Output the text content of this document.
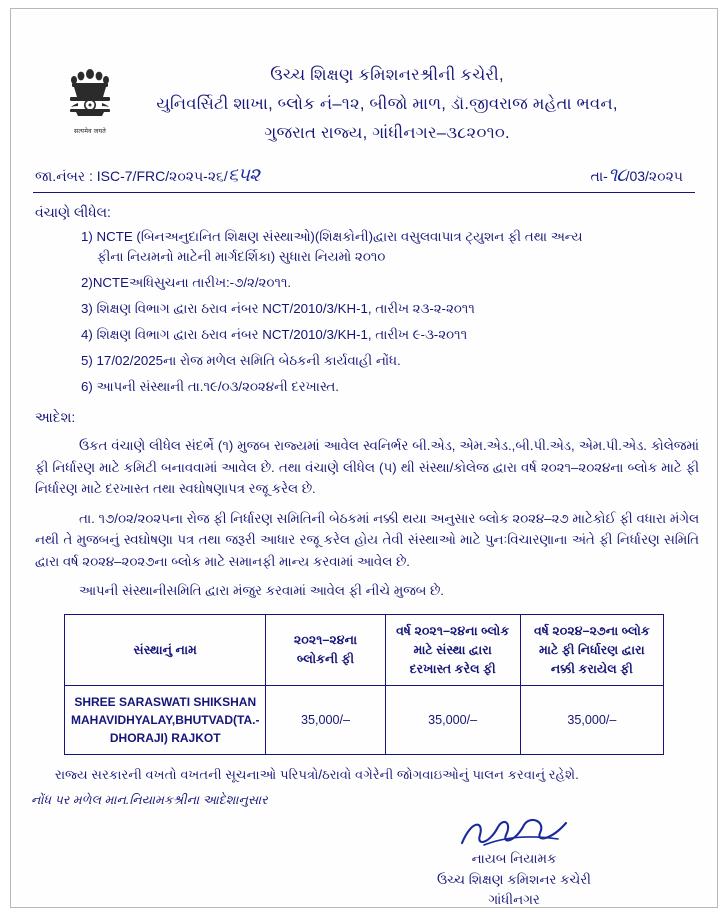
सत्यमेव जयते
ઉચ્ચ શિક્ષણ કમિશનરશ્રીની કચેરી,
યુનિવર્સિટી શાખા, બ્લોક નં–૧૨, બીજો માળ, ડૉ.જીવરાજ મહેતા ભવન,
ગુજરાત રાજ્ય, ગાંધીનગર–૩૮૨૦૧૦.
જા.નંબર : ISC-7/FRC/૨૦૨૫-૨૬/૬૫૨	તા-૧૮/03/૨૦૨૫
વંચાણે લીધેલ:
1) NCTE (બિનઅનુદાનિત શિક્ષણ સંસ્થાઓ)(શિક્ષકોની)દ્વારા વસુલવાપાત્ર ટ્યુશન ફી તથા અન્ય
ફીના નિયમનો માટેની માર્ગદર્શિકા) સુધારા નિયમો ૨૦૧૦
2)NCTEઅધિસુચના તારીખ:-૭/૨/૨૦૧૧.
3) શિક્ષણ વિભાગ દ્વારા ઠરાવ નંબર NCT/2010/3/KH-1, તારીખ ૨૩-૨-૨૦૧૧
4) શિક્ષણ વિભાગ દ્વારા ઠરાવ નંબર NCT/2010/3/KH-1, તારીખ ૯-૩-૨૦૧૧
5) 17/02/2025ના રોજ મળેલ સમિતિ બેઠકની કાર્યવાહી નોંધ.
6) આપની સંસ્થાની તા.૧૯/૦૩/૨૦૨૪ની દરખાસ્ત.
આદેશ:

ઉકત વંચાણે લીધેલ સંદર્ભે (૧) મુજબ રાજ્યમાં આવેલ સ્વનિર્ભર બી.એડ, એમ.એડ.,બી.પી.એડ, એમ.પી.એડ. કોલેજમાં ફી નિર્ધારણ માટે કમિટી બનાવવામાં આવેલ છે. તથા વંચાણે લીધેલ (૫) થી સંસ્થા/કોલેજ દ્વારા વર્ષ ૨૦૨૧–૨૦૨૪ના બ્લોક માટે ફી નિર્ધારણ માટે દરખાસ્ત તથા સ્વઘોષણાપત્ર રજૂ કરેલ છે.

તા. ૧૭/૦૨/૨૦૨૫ના રોજ ફી નિર્ધારણ સમિતિની બેઠકમાં નક્કી થયા અનુસાર બ્લોક ૨૦૨૪–૨૭ માટેકોઈ ફી વધારા મંગેલ નથી તે મુજબનું સ્વઘોષણા પત્ર તથા જરૂરી આધાર રજૂ કરેલ હોય તેવી સંસ્થાઓ માટે પુનઃવિચારણાના અંતે ફી નિર્ધારણ સમિતિ દ્વારા વર્ષ ૨૦૨૪–૨૦૨૭ના બ્લોક માટે સમાનફી માન્ય કરવામાં આવેલ છે.

આપની સંસ્થાનીસમિતિ દ્વારા મંજુર કરવામાં આવેલ ફી નીચે મુજબ છે.

સંસ્થાનું નામ	૨૦૨૧–૨૪ના બ્લોકની ફી	વર્ષ ૨૦૨૧–૨૪ના બ્લોક માટે સંસ્થા દ્વારા દરખાસ્ત કરેલ ફી	વર્ષ ૨૦૨૪–૨૭ના બ્લોક માટે ફી નિર્ધારણ દ્વારા નક્કી કરાયેલ ફી
SHREE SARASWATI SHIKSHAN MAHAVIDHYALAY,BHUTVAD(TA.-DHORAJI) RAJKOT	35,000/–	35,000/–	35,000/–
રાજ્ય સરકારની વખતો વખતની સૂચનાઓ પરિપત્રો/ઠરાવો વગેરેની જોગવાઇઓનું પાલન કરવાનું રહેશે.
નોંધ પર મળેલ માન.નિયામકશ્રીના આદેશાનુસાર
નાયબ નિયામક
ઉચ્ચ શિક્ષણ કમિશનર કચેરી
ગાંધીનગર
